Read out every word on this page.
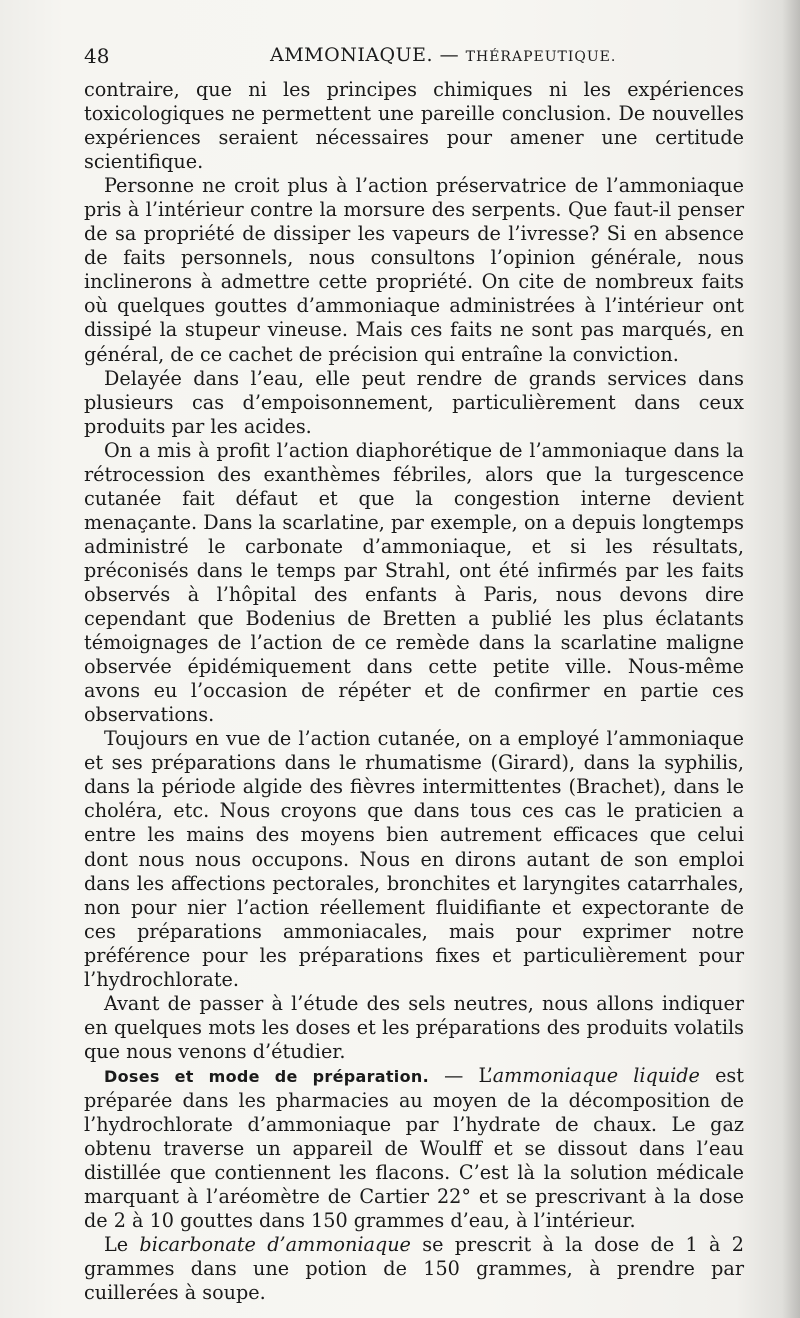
48	AMMONIAQUE. — THÉRAPEUTIQUE.

contraire, que ni les principes chimiques ni les expériences toxicologiques ne permettent une pareille conclusion. De nouvelles expériences seraient nécessaires pour amener une certitude scientifique.

Personne ne croit plus à l’action préservatrice de l’ammoniaque pris à l’intérieur contre la morsure des serpents. Que faut-il penser de sa propriété de dissiper les vapeurs de l’ivresse? Si en absence de faits personnels, nous consultons l’opinion générale, nous inclinerons à admettre cette propriété. On cite de nombreux faits où quelques gouttes d’ammoniaque administrées à l’intérieur ont dissipé la stupeur vineuse. Mais ces faits ne sont pas marqués, en général, de ce cachet de précision qui entraîne la conviction.

Delayée dans l’eau, elle peut rendre de grands services dans plusieurs cas d’empoisonnement, particulièrement dans ceux produits par les acides.

On a mis à profit l’action diaphorétique de l’ammoniaque dans la rétrocession des exanthèmes fébriles, alors que la turgescence cutanée fait défaut et que la congestion interne devient menaçante. Dans la scarlatine, par exemple, on a depuis longtemps administré le carbonate d’ammoniaque, et si les résultats, préconisés dans le temps par Strahl, ont été infirmés par les faits observés à l’hôpital des enfants à Paris, nous devons dire cependant que Bodenius de Bretten a publié les plus éclatants témoignages de l’action de ce remède dans la scarlatine maligne observée épidémiquement dans cette petite ville. Nous-même avons eu l’occasion de répéter et de confirmer en partie ces observations.

Toujours en vue de l’action cutanée, on a employé l’ammoniaque et ses préparations dans le rhumatisme (Girard), dans la syphilis, dans la période algide des fièvres intermittentes (Brachet), dans le choléra, etc. Nous croyons que dans tous ces cas le praticien a entre les mains des moyens bien autrement efficaces que celui dont nous nous occupons. Nous en dirons autant de son emploi dans les affections pectorales, bronchites et laryngites catarrhales, non pour nier l’action réellement fluidifiante et expectorante de ces préparations ammoniacales, mais pour exprimer notre préférence pour les préparations fixes et particulièrement pour l’hydrochlorate.

Avant de passer à l’étude des sels neutres, nous allons indiquer en quelques mots les doses et les préparations des produits volatils que nous venons d’étudier.

Doses et mode de préparation. — L’ammoniaque liquide est préparée dans les pharmacies au moyen de la décomposition de l’hydrochlorate d’ammoniaque par l’hydrate de chaux. Le gaz obtenu traverse un appareil de Woulff et se dissout dans l’eau distillée que contiennent les flacons. C’est là la solution médicale marquant à l’aréomètre de Cartier 22° et se prescrivant à la dose de 2 à 10 gouttes dans 150 grammes d’eau, à l’intérieur.

Le bicarbonate d’ammoniaque se prescrit à la dose de 1 à 2 grammes dans une potion de 150 grammes, à prendre par cuillerées à soupe.
